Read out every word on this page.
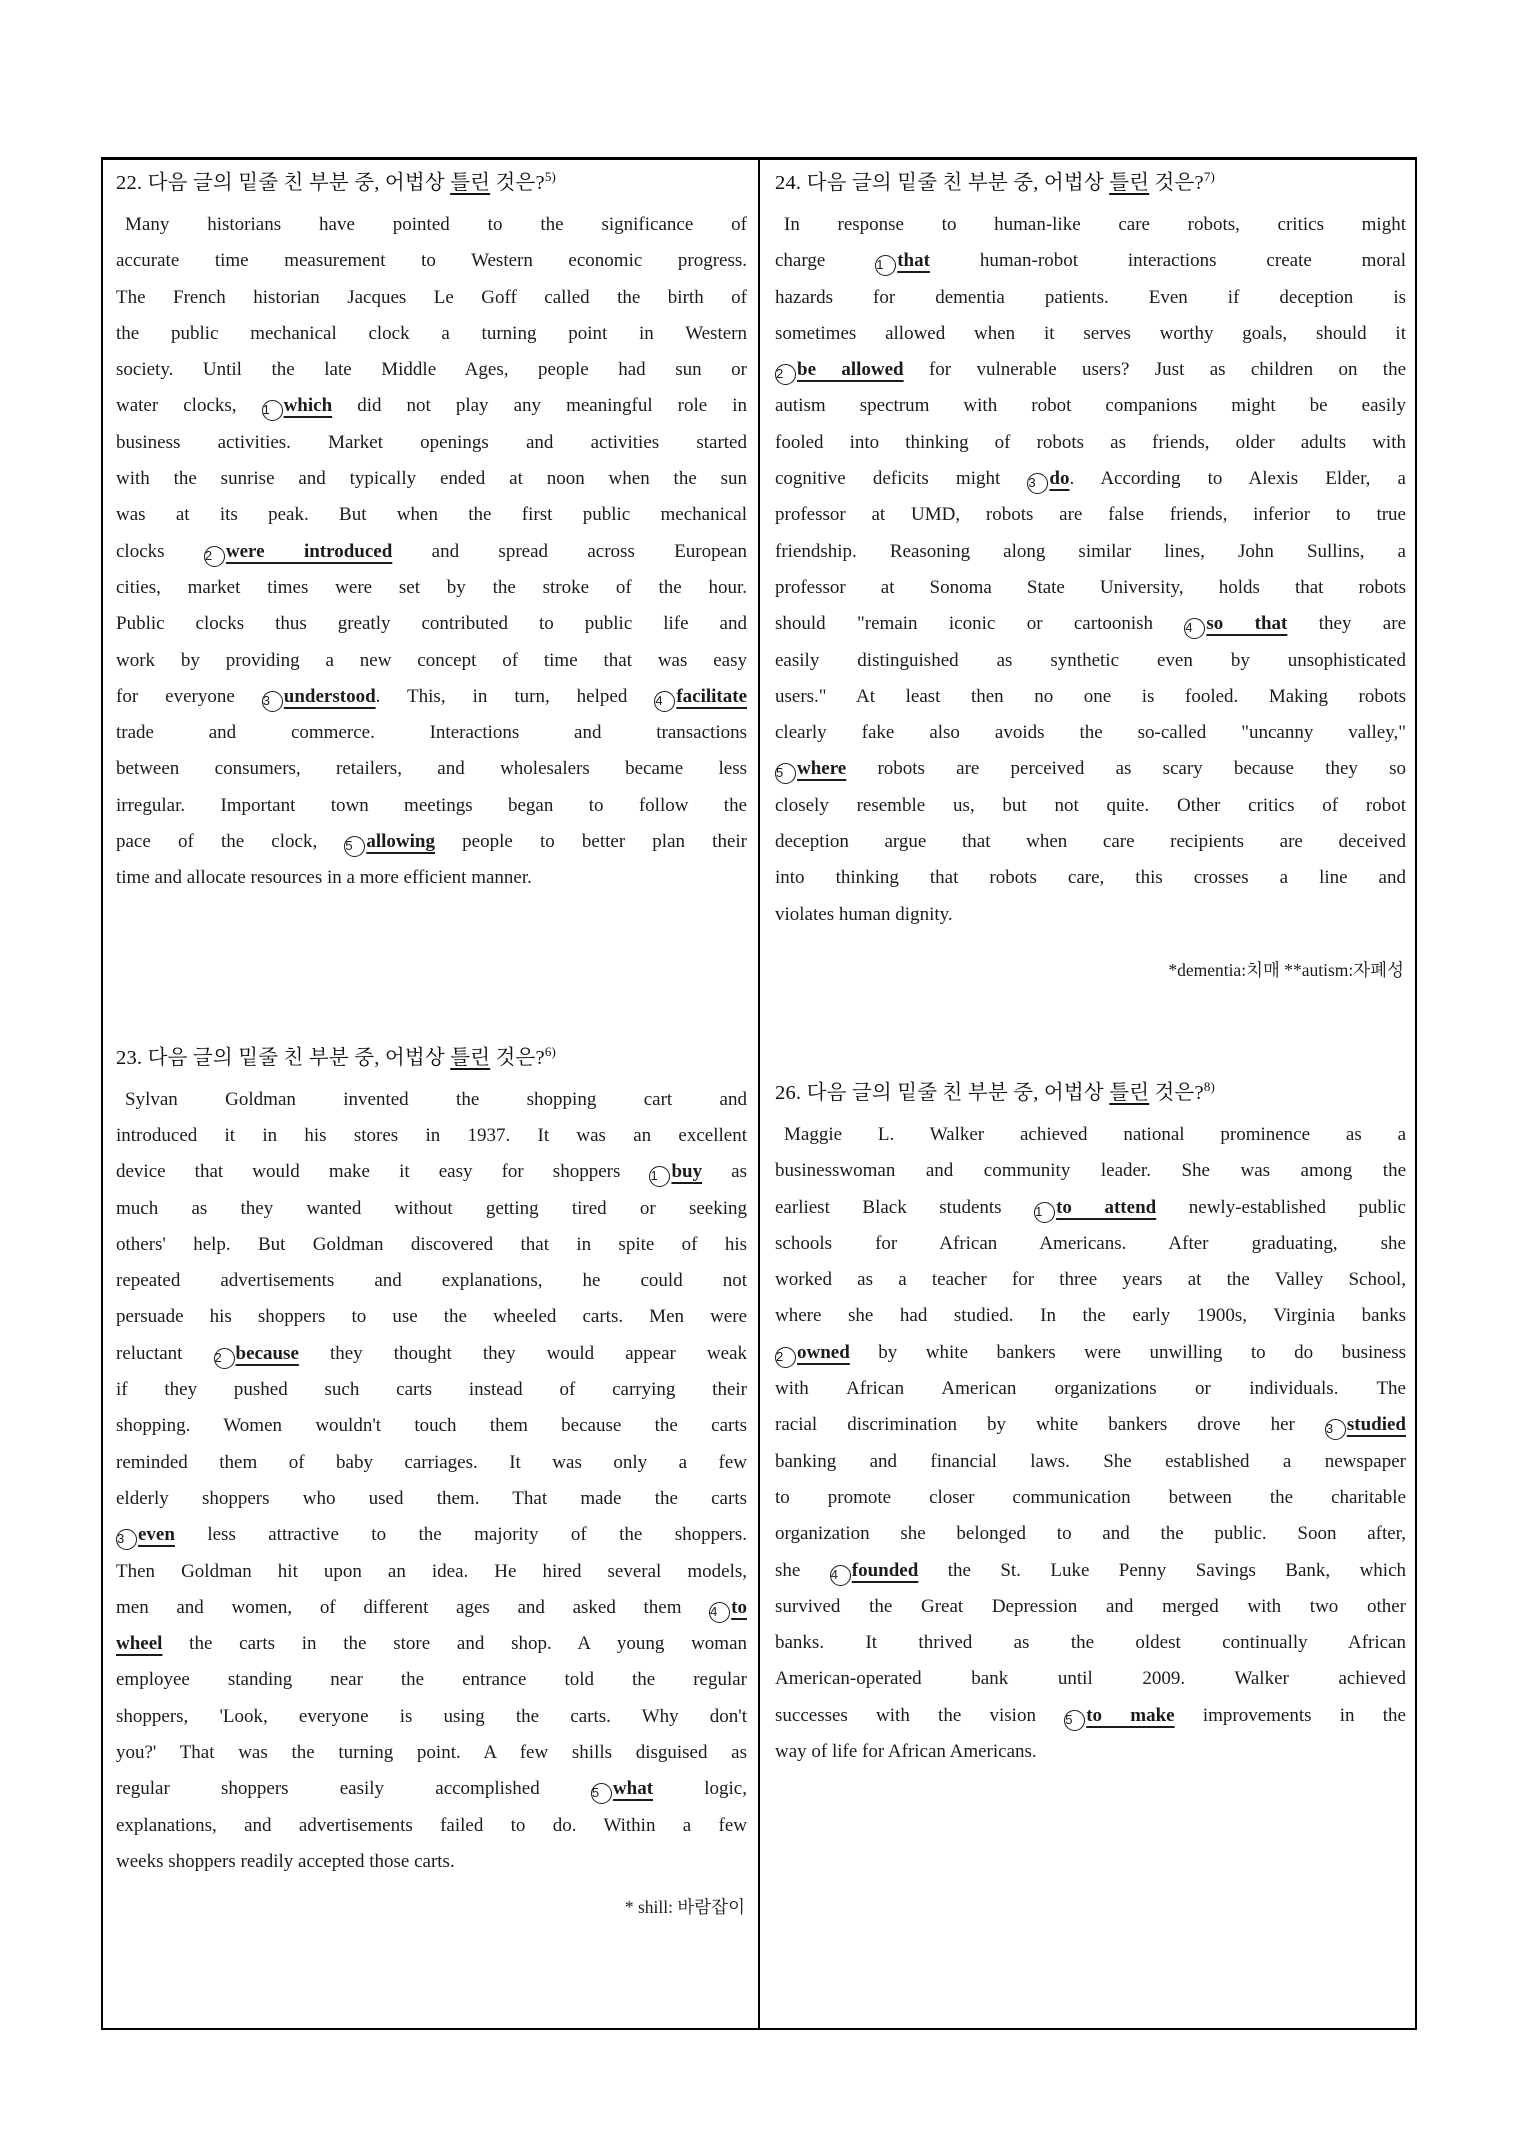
22. 다음 글의 밑줄 친 부분 중, 어법상 틀린 것은?$^{5)}$
Many historians have pointed to the significance of
accurate time measurement to Western economic progress.
The French historian Jacques Le Goff called the birth of
the public mechanical clock a turning point in Western
society. Until the late Middle Ages, people had sun or
water clocks, 1 which did not play any meaningful role in
business activities. Market openings and activities started
with the sunrise and typically ended at noon when the sun
was at its peak. But when the first public mechanical
clocks 2 were introduced and spread across European
cities, market times were set by the stroke of the hour.
Public clocks thus greatly contributed to public life and
work by providing a new concept of time that was easy
for everyone 3 understood. This, in turn, helped 4 facilitate
trade and commerce. Interactions and transactions
between consumers, retailers, and wholesalers became less
irregular. Important town meetings began to follow the
pace of the clock, 5 allowing people to better plan their
time and allocate resources in a more efficient manner.
23. 다음 글의 밑줄 친 부분 중, 어법상 틀린 것은?$^{6)}$
Sylvan Goldman invented the shopping cart and
introduced it in his stores in 1937. It was an excellent
device that would make it easy for shoppers 1 buy as
much as they wanted without getting tired or seeking
others' help. But Goldman discovered that in spite of his
repeated advertisements and explanations, he could not
persuade his shoppers to use the wheeled carts. Men were
reluctant 2 because they thought they would appear weak
if they pushed such carts instead of carrying their
shopping. Women wouldn't touch them because the carts
reminded them of baby carriages. It was only a few
elderly shoppers who used them. That made the carts
3 even less attractive to the majority of the shoppers.
Then Goldman hit upon an idea. He hired several models,
men and women, of different ages and asked them 4 to
wheel the carts in the store and shop. A young woman
employee standing near the entrance told the regular
shoppers, 'Look, everyone is using the carts. Why don't
you?' That was the turning point. A few shills disguised as
regular shoppers easily accomplished 5 what logic,
explanations, and advertisements failed to do. Within a few
weeks shoppers readily accepted those carts.
* shill: 바람잡이
24. 다음 글의 밑줄 친 부분 중, 어법상 틀린 것은?$^{7)}$
In response to human-like care robots, critics might
charge 1 that human-robot interactions create moral
hazards for dementia patients. Even if deception is
sometimes allowed when it serves worthy goals, should it
2 be allowed for vulnerable users? Just as children on the
autism spectrum with robot companions might be easily
fooled into thinking of robots as friends, older adults with
cognitive deficits might 3 do. According to Alexis Elder, a
professor at UMD, robots are false friends, inferior to true
friendship. Reasoning along similar lines, John Sullins, a
professor at Sonoma State University, holds that robots
should "remain iconic or cartoonish 4 so that they are
easily distinguished as synthetic even by unsophisticated
users." At least then no one is fooled. Making robots
clearly fake also avoids the so-called "uncanny valley,"
5 where robots are perceived as scary because they so
closely resemble us, but not quite. Other critics of robot
deception argue that when care recipients are deceived
into thinking that robots care, this crosses a line and
violates human dignity.
*dementia:치매 **autism:자폐성
26. 다음 글의 밑줄 친 부분 중, 어법상 틀린 것은?$^{8)}$
Maggie L. Walker achieved national prominence as a
businesswoman and community leader. She was among the
earliest Black students 1 to attend newly-established public
schools for African Americans. After graduating, she
worked as a teacher for three years at the Valley School,
where she had studied. In the early 1900s, Virginia banks
2 owned by white bankers were unwilling to do business
with African American organizations or individuals. The
racial discrimination by white bankers drove her 3 studied
banking and financial laws. She established a newspaper
to promote closer communication between the charitable
organization she belonged to and the public. Soon after,
she 4 founded the St. Luke Penny Savings Bank, which
survived the Great Depression and merged with two other
banks. It thrived as the oldest continually African
American-operated bank until 2009. Walker achieved
successes with the vision 5 to make improvements in the
way of life for African Americans.
